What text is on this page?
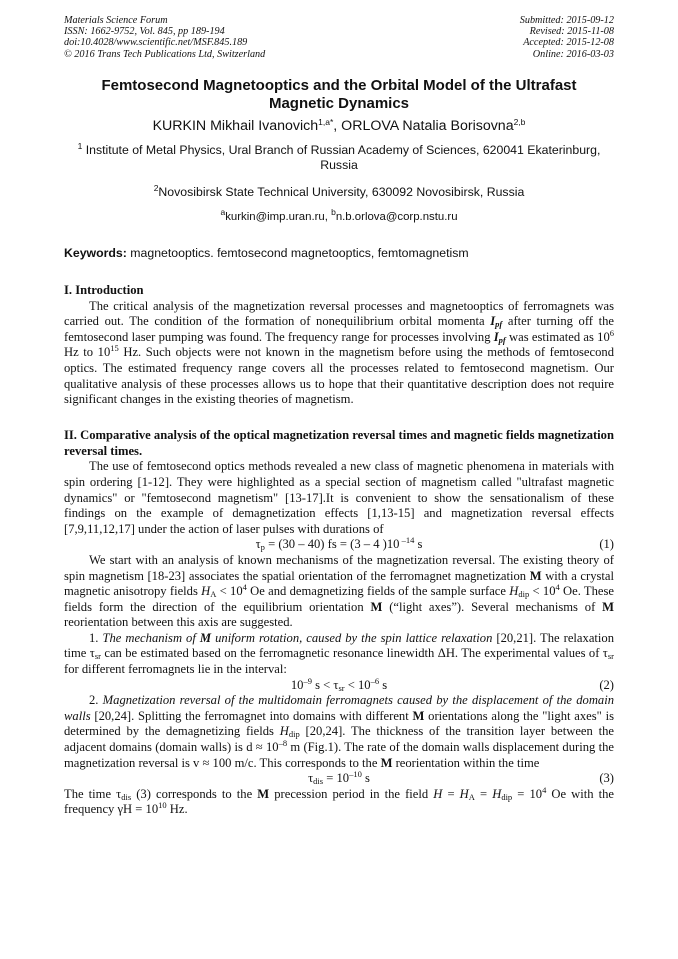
Materials Science Forum
ISSN: 1662-9752, Vol. 845, pp 189-194
doi:10.4028/www.scientific.net/MSF.845.189
© 2016 Trans Tech Publications Ltd, Switzerland
Submitted: 2015-09-12
Revised: 2015-11-08
Accepted: 2015-12-08
Online: 2016-03-03
Femtosecond Magnetooptics and the Orbital Model of the Ultrafast Magnetic Dynamics
KURKIN Mikhail Ivanovich$^{1,a*}$, ORLOVA Natalia Borisovna$^{2,b}$
$^1$ Institute of Metal Physics, Ural Branch of Russian Academy of Sciences, 620041 Ekaterinburg, Russia
$^2$Novosibirsk State Technical University, 630092 Novosibirsk, Russia
$^a$kurkin@imp.uran.ru, $^b$n.b.orlova@corp.nstu.ru
Keywords: magnetooptics. femtosecond magnetooptics, femtomagnetism
I. Introduction

The critical analysis of the magnetization reversal processes and magnetooptics of ferromagnets was carried out. The condition of the formation of nonequilibrium orbital momenta $I_{pf}$ after turning off the femtosecond laser pumping was found. The frequency range for processes involving $I_{pf}$ was estimated as $10^6$ Hz to $10^{15}$ Hz. Such objects were not known in the magnetism before using the methods of femtosecond optics. The estimated frequency range covers all the processes related to femtosecond magnetism. Our qualitative analysis of these processes allows us to hope that their quantitative description does not require significant changes in the existing theories of magnetism.

II. Comparative analysis of the optical magnetization reversal times and magnetic fields magnetization reversal times.

The use of femtosecond optics methods revealed a new class of magnetic phenomena in materials with spin ordering [1-12]. They were highlighted as a special section of magnetism called "ultrafast magnetic dynamics" or "femtosecond magnetism" [13-17].It is convenient to show the sensationalism of these findings on the example of demagnetization effects [1,13-15] and magnetization reversal effects [7,9,11,12,17] under the action of laser pulses with durations of

$\tau_p = (30 - 40)$ fs = (3 – 4 )10 $^{-14}$ s	(1)

We start with an analysis of known mechanisms of the magnetization reversal. The existing theory of spin magnetism [18-23] associates the spatial orientation of the ferromagnet magnetization M with a crystal magnetic anisotropy fields $H_A < 10^4$ Oe and demagnetizing fields of the sample surface $H_{dip} < 10^4$ Oe. These fields form the direction of the equilibrium orientation M (“light axes”). Several mechanisms of M reorientation between this axis are suggested.

1. The mechanism of M uniform rotation, caused by the spin lattice relaxation [20,21]. The relaxation time $\tau_{sr}$ can be estimated based on the ferromagnetic resonance linewidth ΔH. The experimental values of $\tau_{sr}$ for different ferromagnets lie in the interval:

$10^{-9}$ $s < \tau_{sr} < 10^{-6}$ s	(2)

2. Magnetization reversal of the multidomain ferromagnets caused by the displacement of the domain walls [20,24]. Splitting the ferromagnet into domains with different M orientations along the "light axes" is determined by the demagnetizing fields $H_{dip}$ [20,24]. The thickness of the transition layer between the adjacent domains (domain walls) is $d \approx 10^{-8}$ m (Fig.1). The rate of the domain walls displacement during the magnetization reversal is v ≈ 100 m/c. This corresponds to the M reorientation within the time

$\tau_{dis} = 10^{-10}$ s	(3)

The time $\tau_{dis}$ (3) corresponds to the M precession period in the field $H = H_A = H_{dip} = 10^4$ Oe with the frequency $\gamma H = 10^{10}$ Hz.
